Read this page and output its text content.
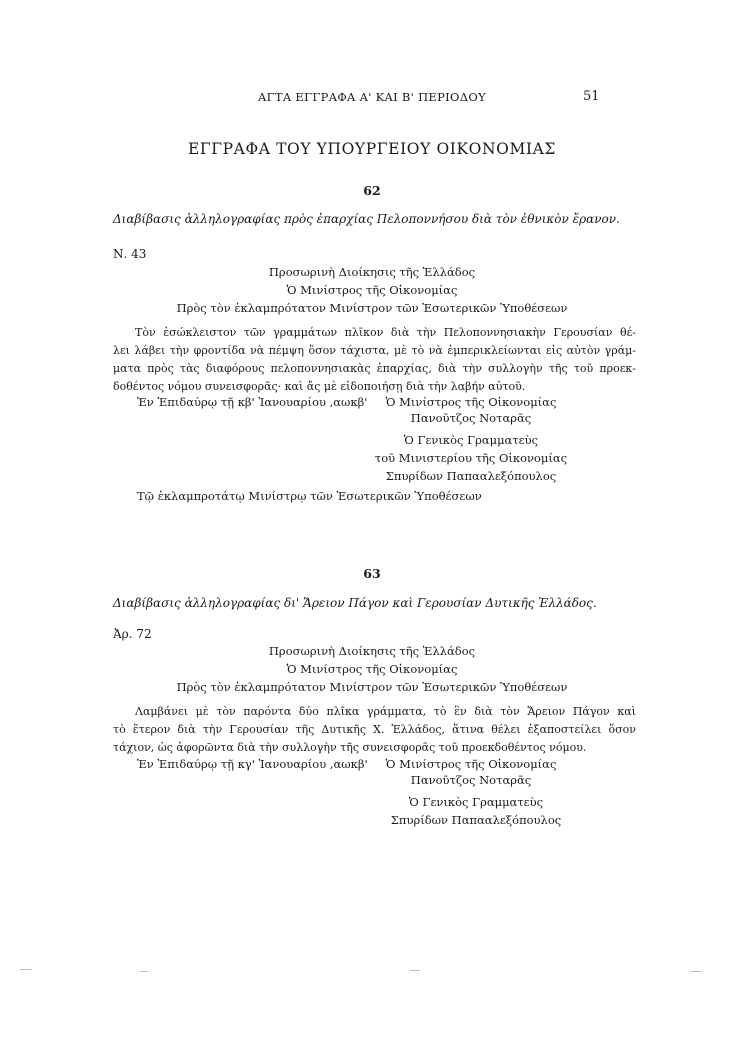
ΑΓΤΑ ΕΓΓΡΑΦΑ Α' ΚΑΙ Β' ΠΕΡΙΟΔΟΥ	51
ΕΓΓΡΑΦΑ ΤΟΥ ΥΠΟΥΡΓΕΙΟΥ ΟΙΚΟΝΟΜΙΑΣ
62
Διαβίβασις ἀλληλογραφίας πρὸς ἐπαρχίας Πελοποννήσου διὰ τὸν ἐθνικὸν ἔρανον.
Ν. 43
Προσωρινὴ Διοίκησις τῆς Ἑλλάδος
Ὁ Μινίστρος τῆς Οἰκονομίας
Πρὸς τὸν ἐκλαμπρότατον Μινίστρον τῶν Ἐσωτερικῶν Ὑποθέσεων
Τὸν ἐσώκλειστον τῶν γραμμάτων πλῖκον διὰ τὴν Πελοποννησιακὴν Γερουσίαν θέ-
λει λάβει τὴν φροντίδα νὰ πέμψη ὅσον τάχιστα, μὲ τὸ νὰ ἐμπερικλείωνται εἰς αὐτὸν γράμ-
ματα πρὸς τὰς διαφόρους πελοποννησιακὰς ἐπαρχίας, διὰ τὴν συλλογὴν τῆς τοῦ προεκ-
δοθέντος νόμου συνεισφορᾶς· καὶ ἄς μὲ εἰδοποιήσῃ διὰ τὴν λαβήν αὐτοῦ.
Ἐν Ἐπιδαύρῳ τῇ κβ' Ἰανουαρίου ,αωκβ'	Ὁ Μινίστρος τῆς Οἰκονομίας
Πανοῦτζος Νοταρᾶς
Ὁ Γενικὸς Γραμματεὺς
τοῦ Μινιστερίου τῆς Οἰκονομίας
Σπυρίδων Παπααλεξόπουλος
Τῷ ἐκλαμπροτάτῳ Μινίστρῳ τῶν Ἐσωτερικῶν Ὑποθέσεων
63
Διαβίβασις ἀλληλογραφίας δι' Ἄρειον Πάγον καὶ Γερουσίαν Δυτικῆς Ἑλλάδος.
Ἀρ. 72
Προσωρινὴ Διοίκησις τῆς Ἑλλάδος
Ὁ Μινίστρος τῆς Οἰκονομίας
Πρὸς τὸν ἐκλαμπρότατον Μινίστρον τῶν Ἐσωτερικῶν Ὑποθέσεων
Λαμβάνει μὲ τὸν παρόντα δύο πλῖκα γράμματα, τὸ ἓν διὰ τὸν Ἄρειον Πάγον καὶ
τὸ ἕτερον διὰ τὴν Γερουσίαν τῆς Δυτικῆς Χ. Ἑλλάδος, ἅτινα θέλει ἐξαποστείλει ὅσον
τάχιον, ὡς ἀφορῶντα διὰ τὴν συλλογὴν τῆς συνεισφορᾶς τοῦ προεκδοθέντος νόμου.
Ἐν Ἐπιδαύρῳ τῇ κγ' Ἰανουαρίου ,αωκβ'	Ὁ Μινίστρος τῆς Οἰκονομίας
Πανοῦτζος Νοταρᾶς
Ὁ Γενικὸς Γραμματεὺς
Σπυρίδων Παπααλεξόπουλος
